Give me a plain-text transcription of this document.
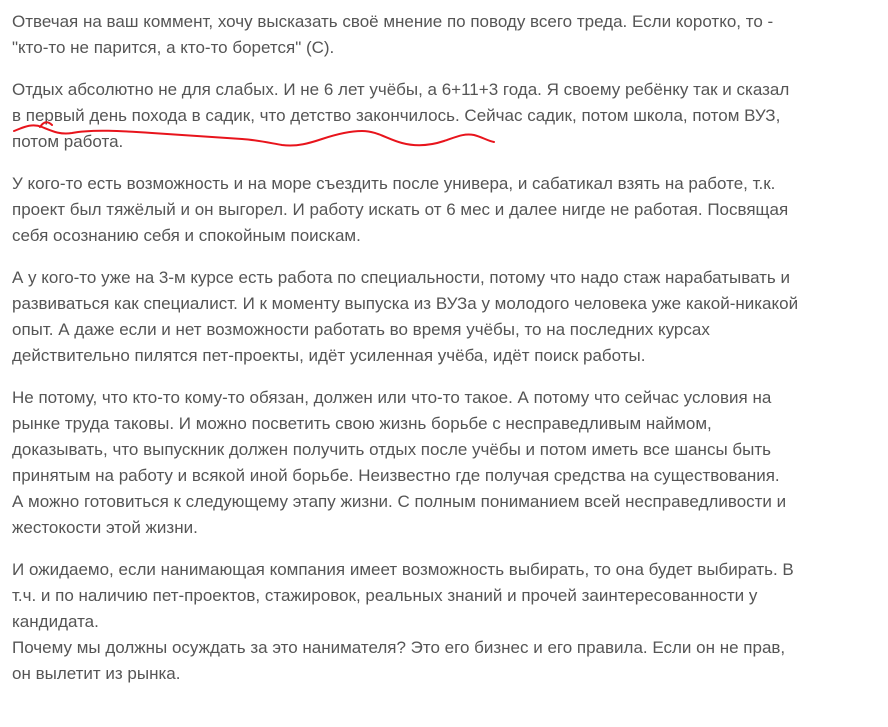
Отвечая на ваш коммент, хочу высказать своё мнение по поводу всего треда. Если коротко, то -
"кто-то не парится, а кто-то борется" (С).

Отдых абсолютно не для слабых. И не 6 лет учёбы, а 6+11+3 года. Я своему ребёнку так и сказал
в первый день похода в садик, что детство закончилось. Сейчас садик, потом школа, потом ВУЗ,
потом работа.

У кого-то есть возможность и на море съездить после универа, и сабатикал взять на работе, т.к.
проект был тяжёлый и он выгорел. И работу искать от 6 мес и далее нигде не работая. Посвящая
себя осознанию себя и спокойным поискам.

А у кого-то уже на 3-м курсе есть работа по специальности, потому что надо стаж нарабатывать и
развиваться как специалист. И к моменту выпуска из ВУЗа у молодого человека уже какой-никакой
опыт. А даже если и нет возможности работать во время учёбы, то на последних курсах
действительно пилятся пет-проекты, идёт усиленная учёба, идёт поиск работы.

Не потому, что кто-то кому-то обязан, должен или что-то такое. А потому что сейчас условия на
рынке труда таковы. И можно посветить свою жизнь борьбе с несправедливым наймом,
доказывать, что выпускник должен получить отдых после учёбы и потом иметь все шансы быть
принятым на работу и всякой иной борьбе. Неизвестно где получая средства на существования.
А можно готовиться к следующему этапу жизни. С полным пониманием всей несправедливости и
жестокости этой жизни.

И ожидаемо, если нанимающая компания имеет возможность выбирать, то она будет выбирать. В
т.ч. и по наличию пет-проектов, стажировок, реальных знаний и прочей заинтересованности у
кандидата.
Почему мы должны осуждать за это нанимателя? Это его бизнес и его правила. Если он не прав,
он вылетит из рынка.
